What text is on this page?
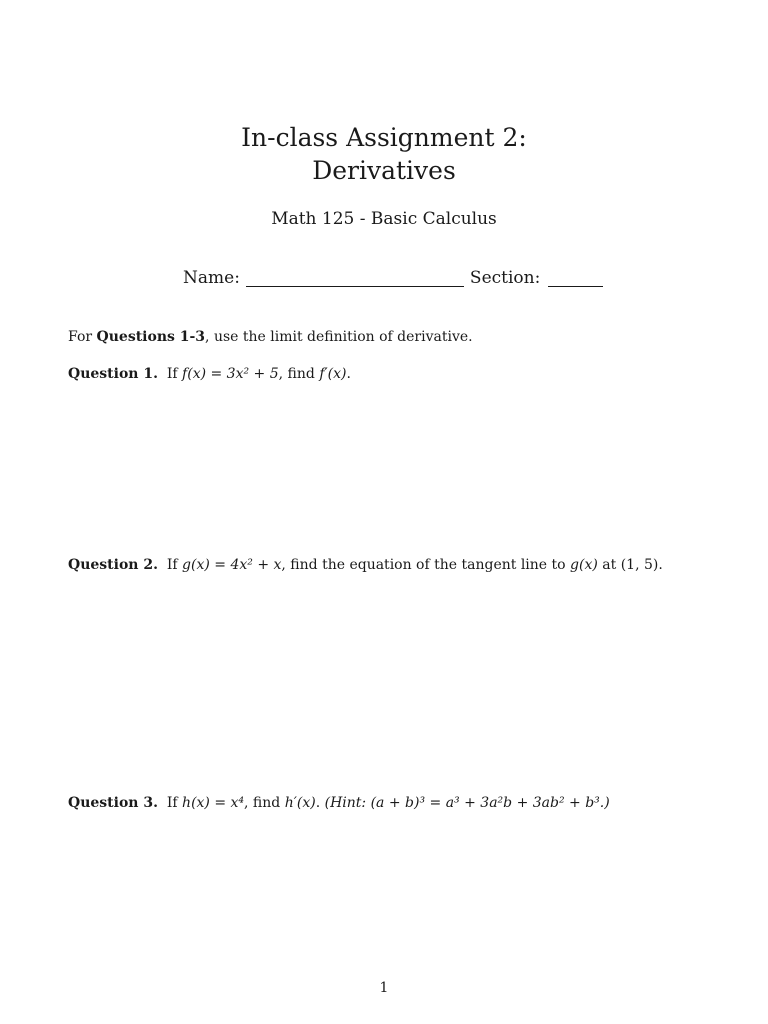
In-class Assignment 2:
Derivatives
Math 125 - Basic Calculus
Name:	Section:
For Questions 1-3, use the limit definition of derivative.
Question 1. If f(x) = 3x² + 5, find f′(x).
Question 2. If g(x) = 4x² + x, find the equation of the tangent line to g(x) at (1, 5).
Question 3. If h(x) = x⁴, find h′(x). (Hint: (a + b)³ = a³ + 3a²b + 3ab² + b³.)
1
